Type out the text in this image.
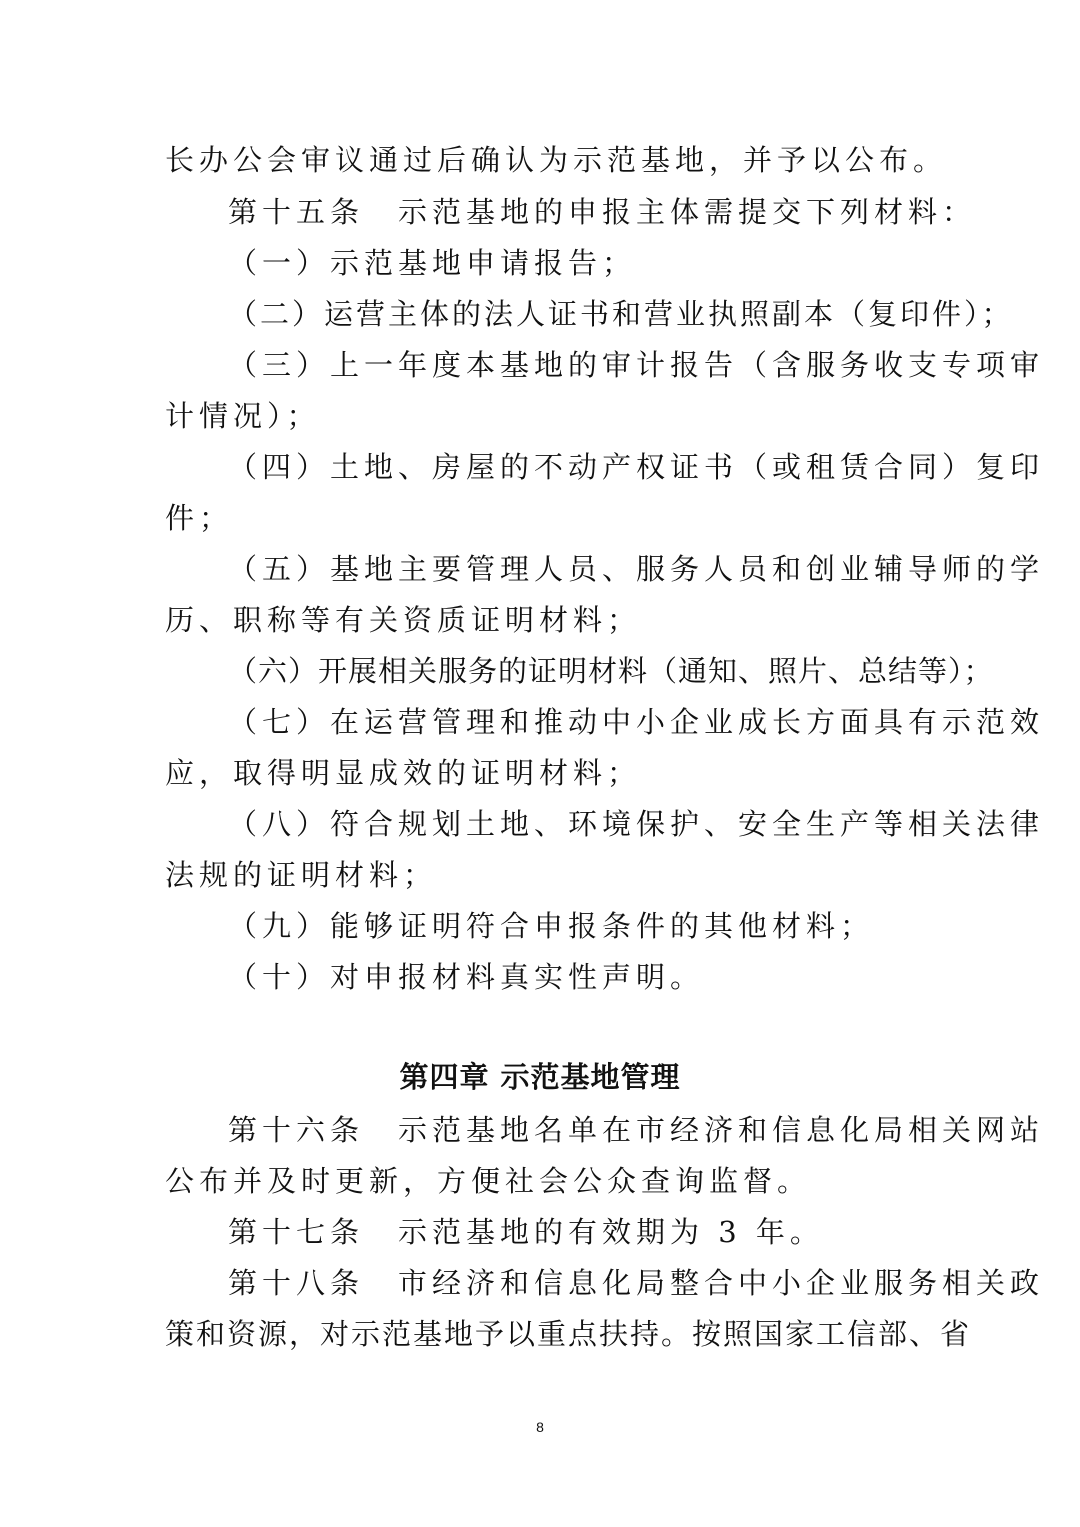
长办公会审议通过后确认为示范基地，并予以公布。
第十五条　示范基地的申报主体需提交下列材料：
（一）示范基地申请报告；
（二）运营主体的法人证书和营业执照副本（复印件）；
（三）上一年度本基地的审计报告（含服务收支专项审
计情况）；
（四）土地、房屋的不动产权证书（或租赁合同）复印
件；
（五）基地主要管理人员、服务人员和创业辅导师的学
历、职称等有关资质证明材料；
（六）开展相关服务的证明材料（通知、照片、总结等）；
（七）在运营管理和推动中小企业成长方面具有示范效
应，取得明显成效的证明材料；
（八）符合规划土地、环境保护、安全生产等相关法律
法规的证明材料；
（九）能够证明符合申报条件的其他材料；
（十）对申报材料真实性声明。
第四章 示范基地管理
第十六条　示范基地名单在市经济和信息化局相关网站
公布并及时更新，方便社会公众查询监督。
第十七条　示范基地的有效期为 3 年。
第十八条　市经济和信息化局整合中小企业服务相关政
策和资源，对示范基地予以重点扶持。按照国家工信部、省
8
